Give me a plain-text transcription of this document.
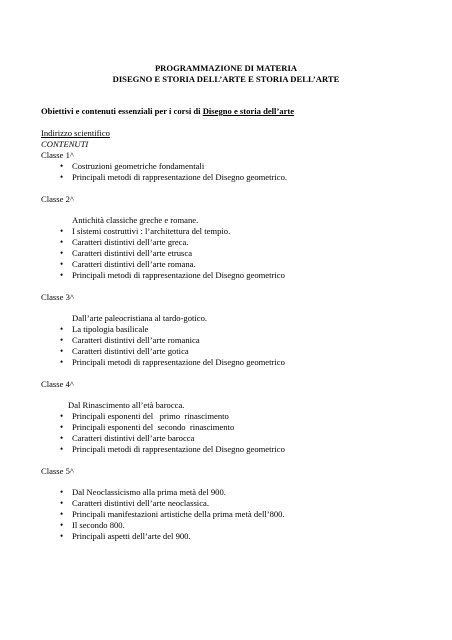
PROGRAMMAZIONE DI MATERIA
DISEGNO E STORIA DELL’ARTE E STORIA DELL’ARTE
Obiettivi e contenuti essenziali per i corsi di Disegno e storia dell’arte
Indirizzo scientifico
CONTENUTI
Classe 1^
•	Costruzioni geometriche fondamentali
•	Principali metodi di rappresentazione del Disegno geometrico.
Classe 2^
Antichità classiche greche e romane.
•	I sistemi costruttivi : l’architettura del tempio.
•	Caratteri distintivi dell’arte greca.
•	Caratteri distintivi dell’arte etrusca
•	Caratteri distintivi dell’arte romana.
•	Principali metodi di rappresentazione del Disegno geometrico
Classe 3^
Dall’arte paleocristiana al tardo-gotico.
•	La tipologia basilicale
•	Caratteri distintivi dell’arte romanica
•	Caratteri distintivi dell’arte gotica
•	Principali metodi di rappresentazione del Disegno geometrico
Classe 4^
Dal Rinascimento all’età barocca.
•	Principali esponenti del   primo  rinascimento
•	Principali esponenti del  secondo  rinascimento
•	Caratteri distintivi dell’arte barocca
•	Principali metodi di rappresentazione del Disegno geometrico
Classe 5^
•	Dal Neoclassicismo alla prima metà del 900.
•	Caratteri distintivi dell’arte neoclassica.
•	Principali manifestazioni artistiche della prima metà dell’800.
•	Il secondo 800.
•	Principali aspetti dell’arte del 900.
